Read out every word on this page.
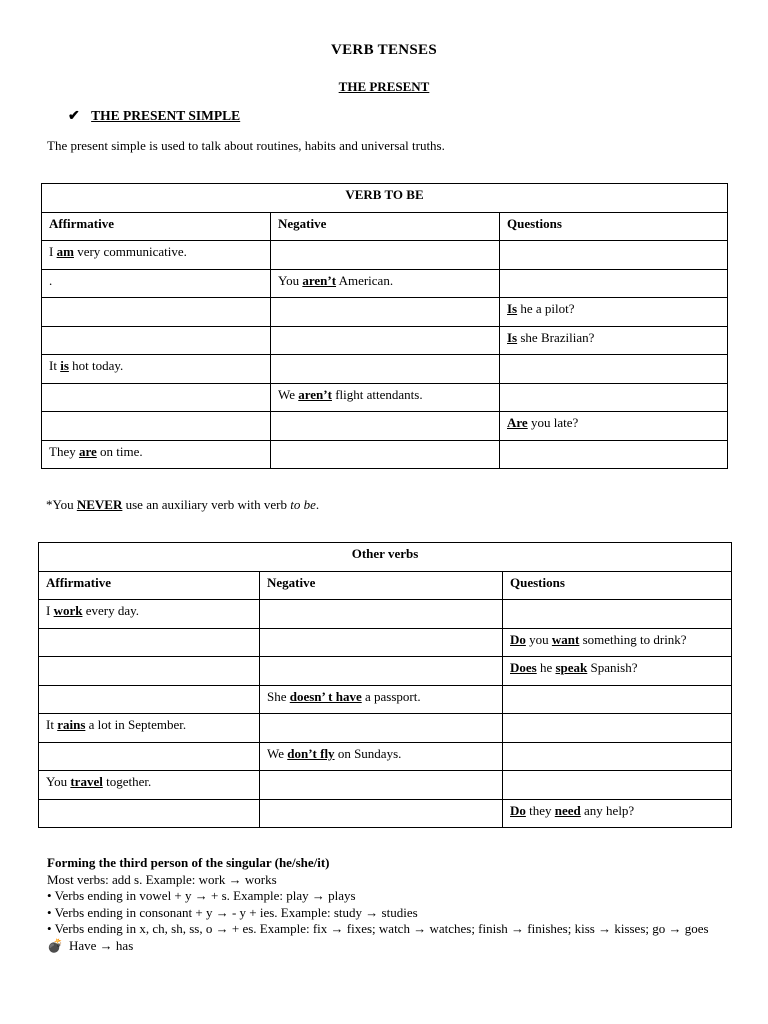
VERB TENSES
THE PRESENT
✔ THE PRESENT SIMPLE
The present simple is used to talk about routines, habits and universal truths.
VERB TO BE		
Affirmative	Negative	Questions
I am very communicative.		
.	You aren’t American.	
		Is he a pilot?
		Is she Brazilian?
It is hot today.		
	We aren’t flight attendants.	
		Are you late?
They are on time.		
*You NEVER use an auxiliary verb with verb to be.
Other verbs		
Affirmative	Negative	Questions
I work every day.		
		Do you want something to drink?
		Does he speak Spanish?
	She doesn’ t have a passport.	
It rains a lot in September.		
	We don’t fly on Sundays.	
You travel together.		
		Do they need any help?
Forming the third person of the singular (he/she/it)
Most verbs: add s. Example: work → works
• Verbs ending in vowel + y → + s. Example: play → plays
• Verbs ending in consonant + y → - y + ies. Example: study → studies
• Verbs ending in x, ch, sh, ss, o → + es. Example: fix → fixes; watch → watches; finish → finishes; kiss → kisses; go → goes
💣 Have → has
